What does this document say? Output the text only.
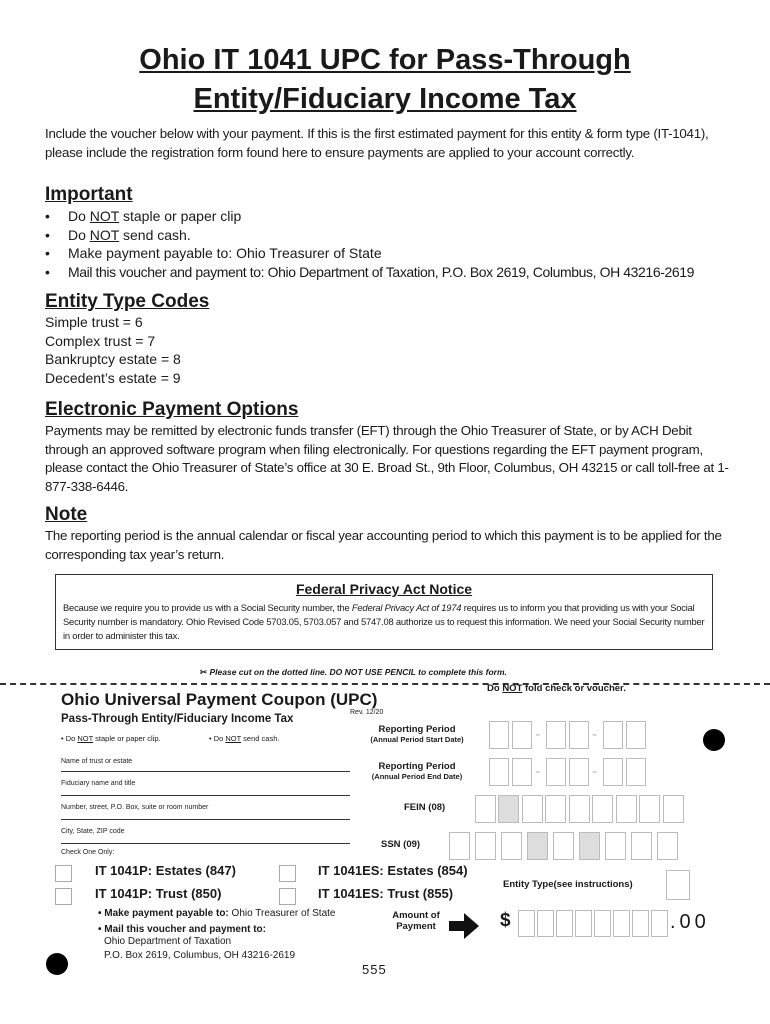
Ohio IT 1041 UPC for Pass-Through
Entity/Fiduciary Income Tax
Include the voucher below with your payment. If this is the first estimated payment for this entity & form type (IT-1041), please include the registration form found here to ensure payments are applied to your account correctly.
Important
• Do NOT staple or paper clip
• Do NOT send cash.
• Make payment payable to: Ohio Treasurer of State
• Mail this voucher and payment to: Ohio Department of Taxation, P.O. Box 2619, Columbus, OH 43216-2619
Entity Type Codes
Simple trust = 6
Complex trust = 7
Bankruptcy estate = 8
Decedent’s estate = 9
Electronic Payment Options
Payments may be remitted by electronic funds transfer (EFT) through the Ohio Treasurer of State, or by ACH Debit through an approved software program when filing electronically. For questions regarding the EFT payment program, please contact the Ohio Treasurer of State’s office at 30 E. Broad St., 9th Floor, Columbus, OH 43215 or call toll-free at 1-877-338-6446.
Note
The reporting period is the annual calendar or fiscal year accounting period to which this payment is to be applied for the corresponding tax year’s return.
Federal Privacy Act Notice
Because we require you to provide us with a Social Security number, the Federal Privacy Act of 1974 requires us to inform you that providing us with your Social Security number is mandatory. Ohio Revised Code 5703.05, 5703.057 and 5747.08 authorize us to request this information. We need your Social Security number in order to administer this tax.
✂ Please cut on the dotted line. DO NOT USE PENCIL to complete this form.
Do NOT fold check or voucher.
Ohio Universal Payment Coupon (UPC)
Rev. 12/20
Pass-Through Entity/Fiduciary Income Tax
• Do NOT staple or paper clip.	• Do NOT send cash.
Name of trust or estate
Fiduciary name and title
Number, street, P.O. Box, suite or room number
City, State, ZIP code
Check One Only:
Reporting Period
(Annual Period Start Date)	-	-
Reporting Period
(Annual Period End Date)	-	-
FEIN (08)
SSN (09)
IT 1041P: Estates (847)
IT 1041P: Trust (850)
IT 1041ES: Estates (854)
IT 1041ES: Trust (855)
Entity Type(see instructions)
• Make payment payable to: Ohio Treasurer of State
• Mail this voucher and payment to:
Ohio Department of Taxation
P.O. Box 2619, Columbus, OH 43216-2619
Amount of
Payment	$	.00
555
